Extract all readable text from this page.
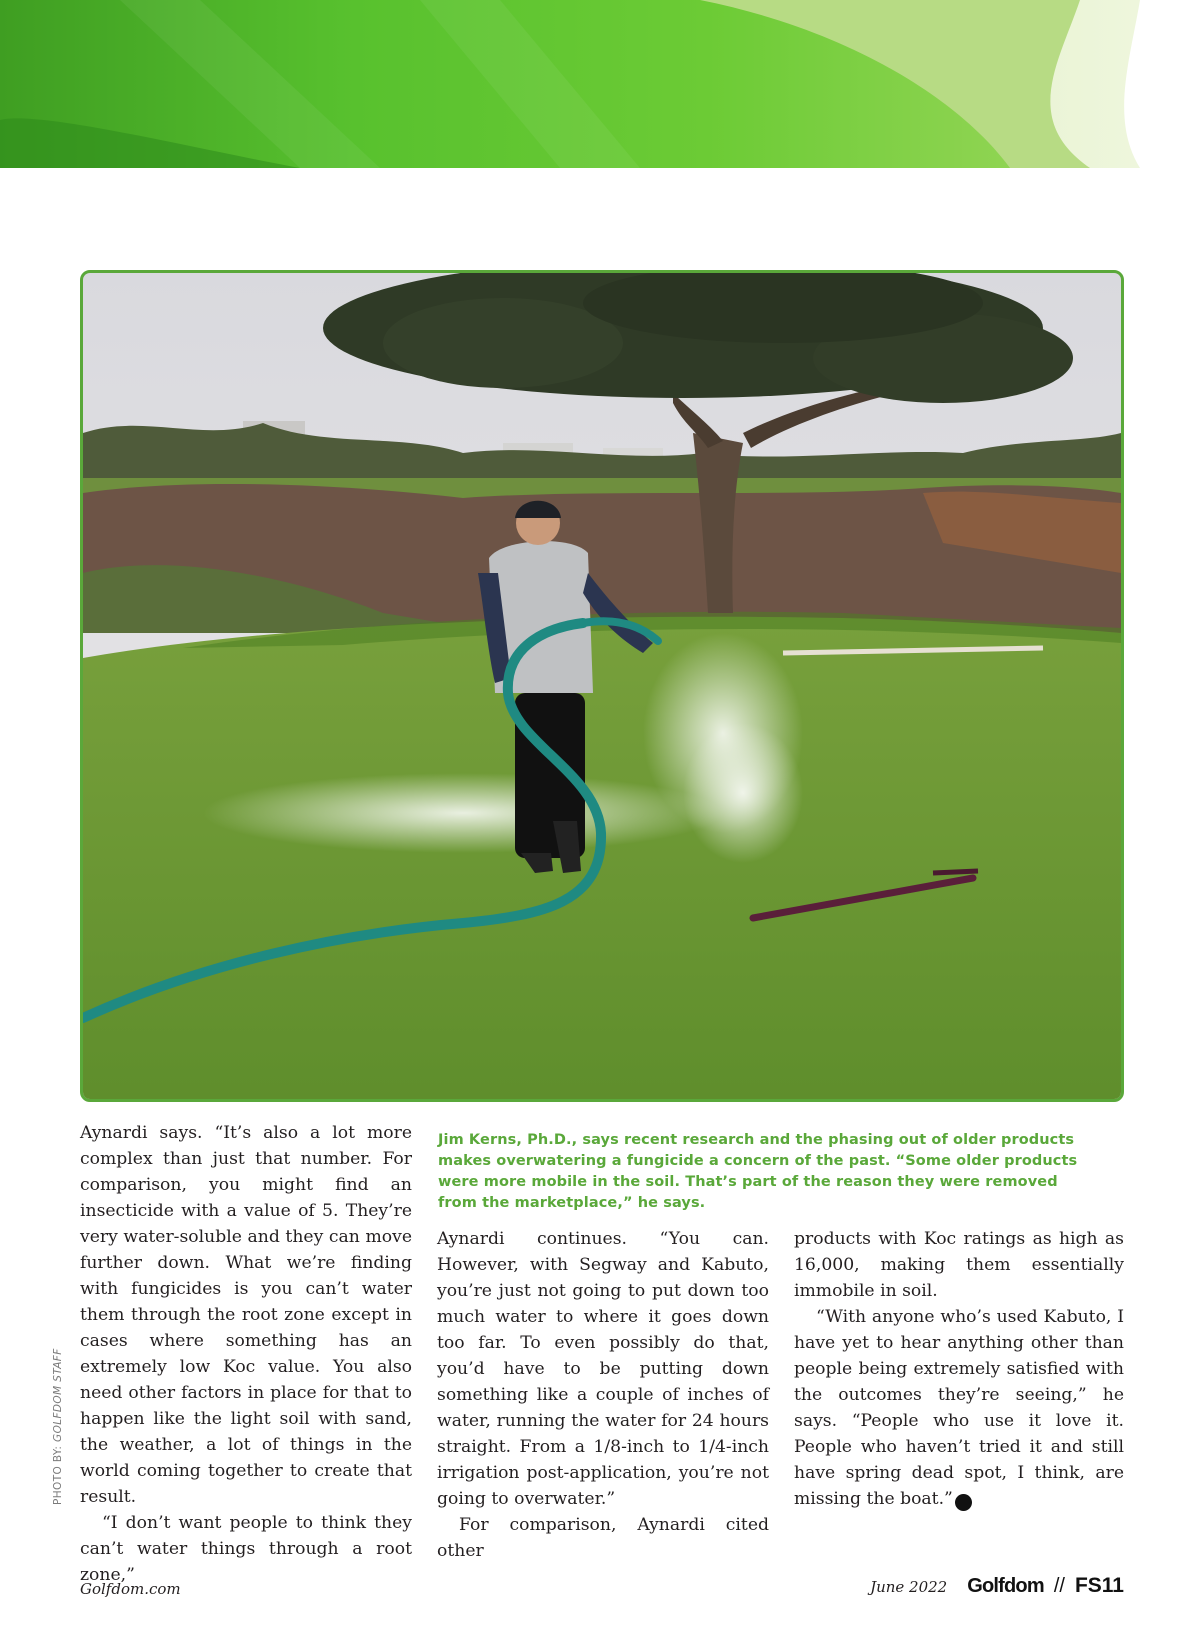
PHOTO BY: GOLFDOM STAFF
Jim Kerns, Ph.D., says recent research and the phasing out of older products makes overwatering a fungicide a concern of the past. “Some older products were more mobile in the soil. That’s part of the reason they were removed from the marketplace,” he says.

Aynardi says. “It’s also a lot more complex than just that number. For comparison, you might find an insecticide with a value of 5. They’re very water-soluble and they can move further down. What we’re finding with fungicides is you can’t water them through the root zone except in cases where something has an extremely low Koc value. You also need other factors in place for that to happen like the light soil with sand, the weather, a lot of things in the world coming together to create that result.

“I don’t want people to think they can’t water things through a root zone,”

Aynardi continues. “You can. However, with Segway and Kabuto, you’re just not going to put down too much water to where it goes down too far. To even possibly do that, you’d have to be putting down something like a couple of inches of water, running the water for 24 hours straight. From a 1/8-inch to 1/4-inch irrigation post-application, you’re not going to overwater.”

For comparison, Aynardi cited other

products with Koc ratings as high as 16,000, making them essentially immobile in soil.

“With anyone who’s used Kabuto, I have yet to hear anything other than people being extremely satisfied with the outcomes they’re seeing,” he says. “People who use it love it. People who haven’t tried it and still have spring dead spot, I think, are missing the boat.” G

Golfdom.com	June 2022 Golfdom // FS11
